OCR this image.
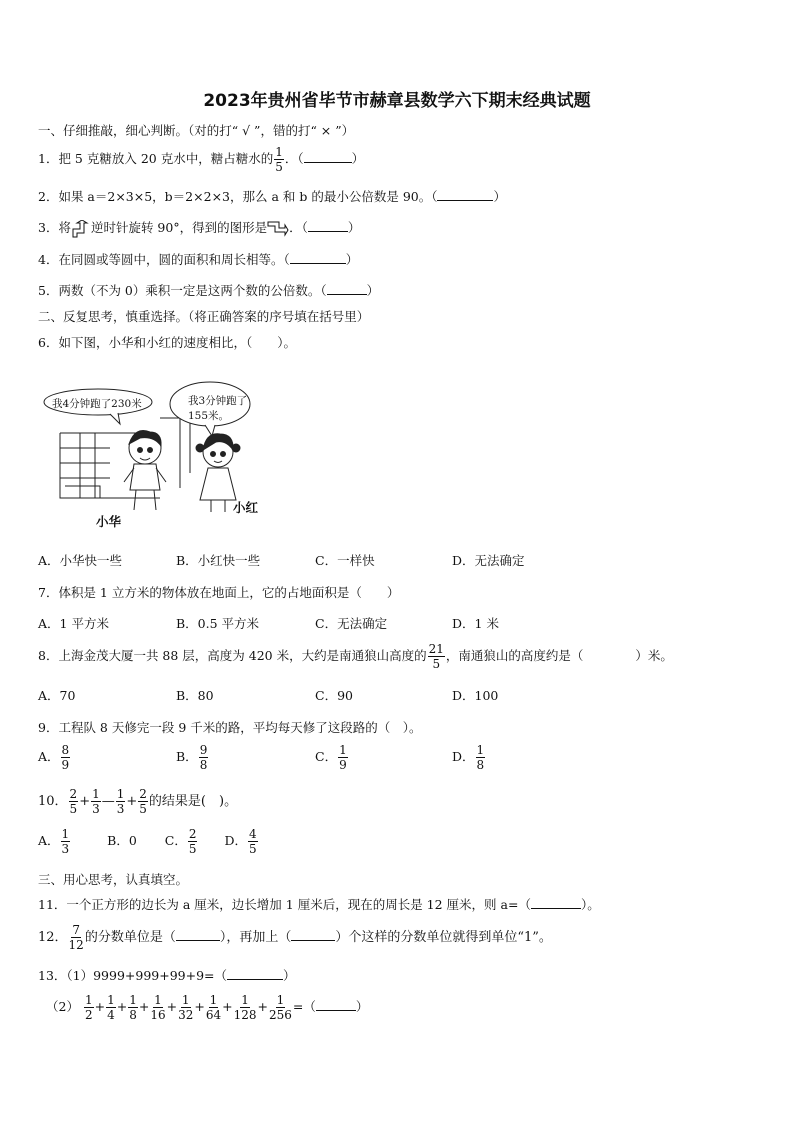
2023年贵州省毕节市赫章县数学六下期末经典试题
一、仔细推敲，细心判断。（对的打“ √ ”，错的打“ × ”）
1．把 5 克糖放入 20 克水中，糖占糖水的 $\frac{1}{5}$ ．（	）
2．如果 a＝2×3×5，b＝2×2×3，那么 a 和 b 的最小公倍数是 90。（	）
3．将 逆时针旋转 90°，得到的图形是 ．（	）
4．在同圆或等圆中，圆的面积和周长相等。（	）
5．两数（不为 0）乘积一定是这两个数的公倍数。（	）
二、反复思考，慎重选择。（将正确答案的序号填在括号里）
6．如下图，小华和小红的速度相比，（　　）。
我4分钟跑了230米	我3分钟跑了
155米。
小华
小红
A．小华快一些	B．小红快一些	C．一样快	D．无法确定
7．体积是 1 立方米的物体放在地面上，它的占地面积是（　　）
A．1 平方米	B．0.5 平方米	C．无法确定	D．1 米
8．上海金茂大厦一共 88 层，高度为 420 米，大约是南通狼山高度的 $\frac{21}{5}$ ，南通狼山的高度约是（	）米。
A．70	B．80	C．90	D．100
9．工程队 8 天修完一段 9 千米的路，平均每天修了这段路的（　）。
A． $\frac{8}{9}$	B． $\frac{9}{8}$	C． $\frac{1}{9}$	D． $\frac{1}{8}$
10． $\frac{2}{5} + \frac{1}{3}$ — $\frac{1}{3} + \frac{2}{5}$ 的结果是(　)。
A． $\frac{1}{3}$	B．0 C． $\frac{2}{5}$ D． $\frac{4}{5}$
三、用心思考，认真填空。
11．一个正方形的边长为 a 厘米，边长增加 1 厘米后，现在的周长是 12 厘米，则 a=（	）。
12． $\frac{7}{12}$ 的分数单位是（	），再加上（	）个这样的分数单位就得到单位“1”。
13．（1）9999+999+99+9=（	）
$(2) \frac{1}{2} + \frac{1}{4} + \frac{1}{8} + \frac{1}{16} + \frac{1}{32} + \frac{1}{64} + \frac{1}{128} + \frac{1}{256}$ =（	）
